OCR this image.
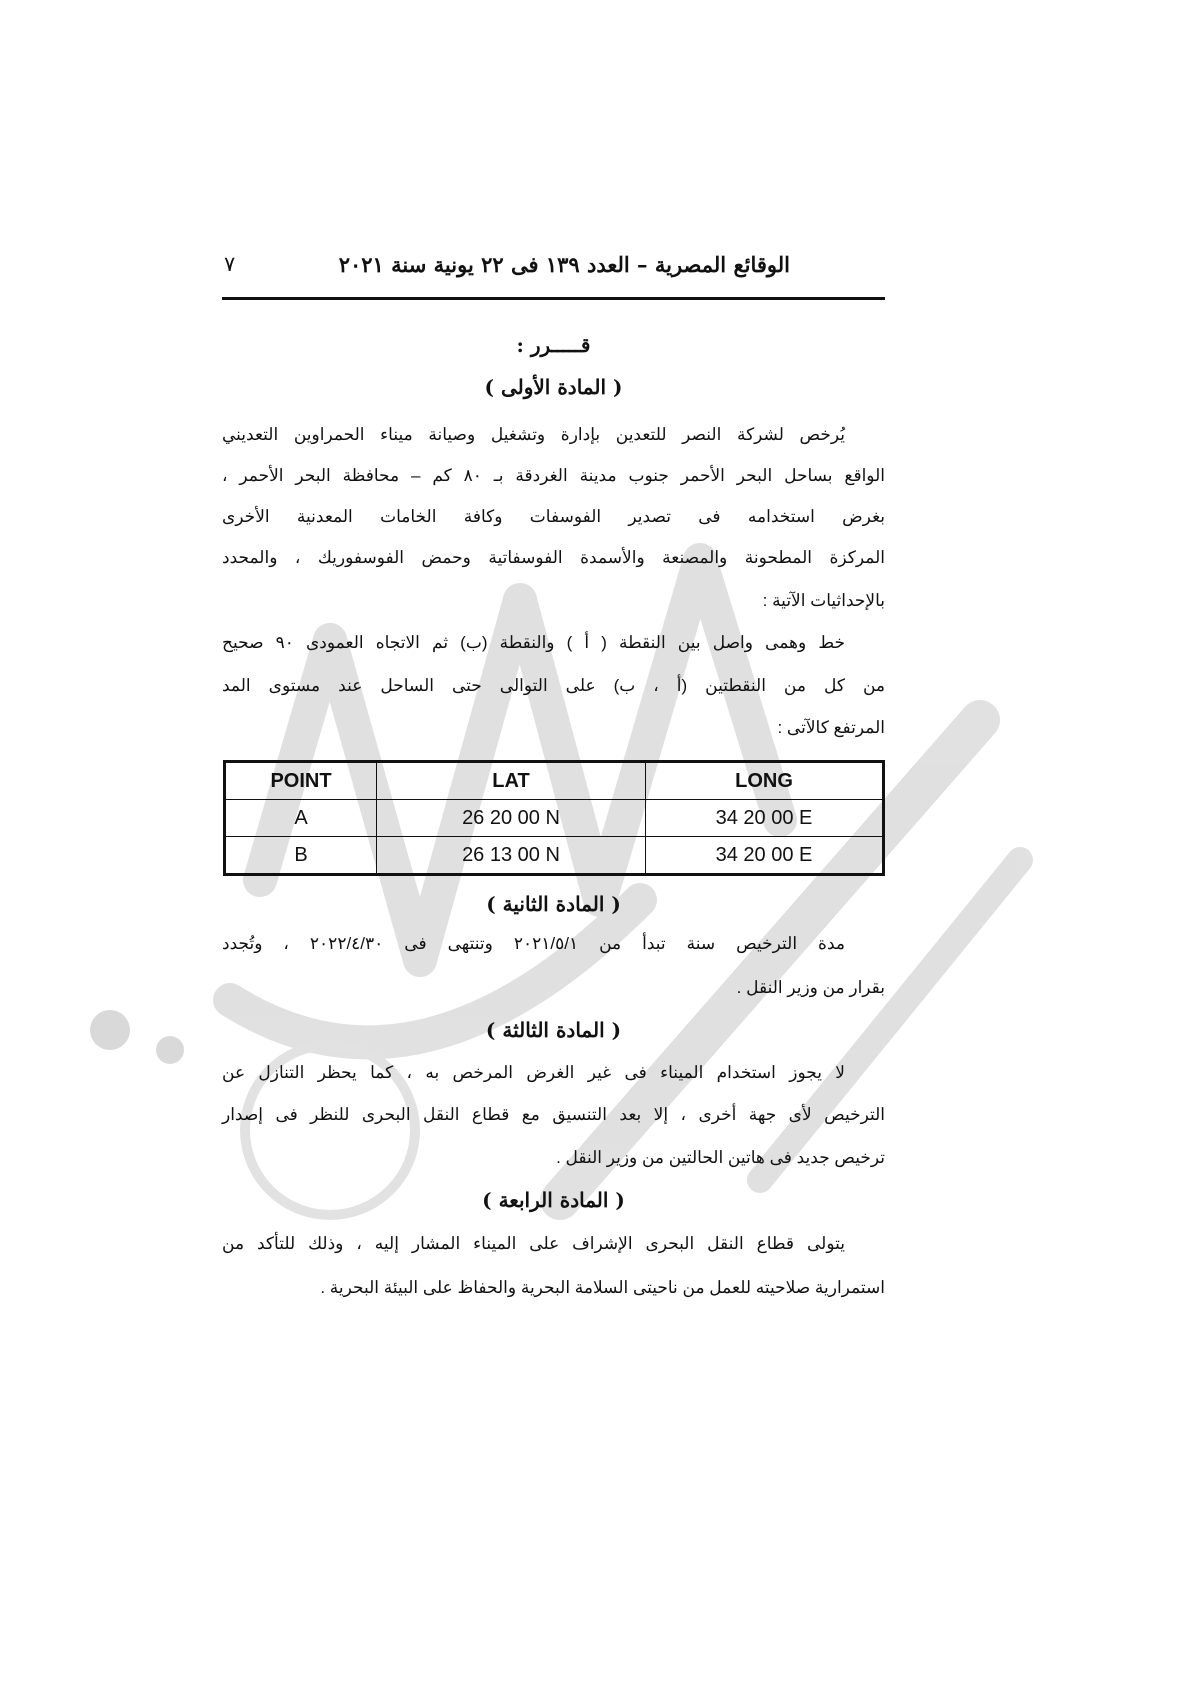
الوقائع المصرية – العدد ١٣٩ فى ٢٢ يونية سنة ٢٠٢١
٧
قـــــرر :
( المادة الأولى )
يُرخص لشركة النصر للتعدين بإدارة وتشغيل وصيانة ميناء الحمراوين التعديني
الواقع بساحل البحر الأحمر جنوب مدينة الغردقة بـ ٨٠ كم – محافظة البحر الأحمر ،
بغرض استخدامه فى تصدير الفوسفات وكافة الخامات المعدنية الأخرى
المركزة المطحونة والمصنعة والأسمدة الفوسفاتية وحمض الفوسفوريك ، والمحدد
بالإحداثيات الآتية :
خط وهمى واصل بين النقطة ( أ ) والنقطة (ب) ثم الاتجاه العمودى ٩٠ صحيح
من كل من النقطتين (أ ، ب) على التوالى حتى الساحل عند مستوى المد
المرتفع كالآتى :
POINT	LAT	LONG
A	26 20 00 N	34 20 00 E
B	26 13 00 N	34 20 00 E
( المادة الثانية )
مدة الترخيص سنة تبدأ من ٢٠٢١/٥/١ وتنتهى فى ٢٠٢٢/٤/٣٠ ، وتُجدد
بقرار من وزير النقل .
( المادة الثالثة )
لا يجوز استخدام الميناء فى غير الغرض المرخص به ، كما يحظر التنازل عن
الترخيص لأى جهة أخرى ، إلا بعد التنسيق مع قطاع النقل البحرى للنظر فى إصدار
ترخيص جديد فى هاتين الحالتين من وزير النقل .
( المادة الرابعة )
يتولى قطاع النقل البحرى الإشراف على الميناء المشار إليه ، وذلك للتأكد من
استمرارية صلاحيته للعمل من ناحيتى السلامة البحرية والحفاظ على البيئة البحرية .
